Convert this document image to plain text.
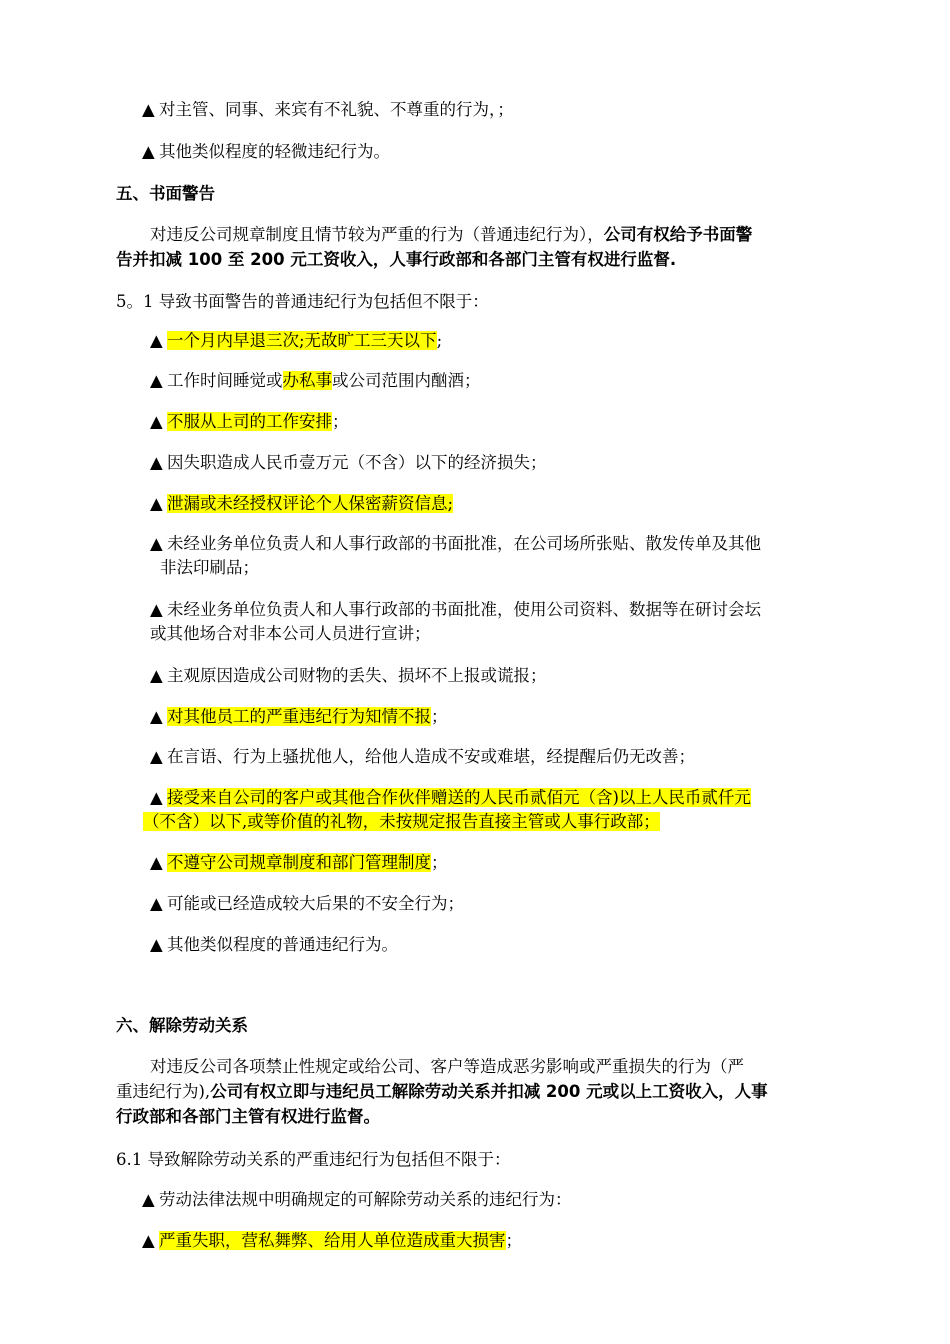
▲ 对主管、同事、来宾有不礼貌、不尊重的行为，；
▲ 其他类似程度的轻微违纪行为。
五、书面警告
对违反公司规章制度且情节较为严重的行为（普通违纪行为），公司有权给予书面警
告并扣减 100 至 200 元工资收入，人事行政部和各部门主管有权进行监督.
5。1 导致书面警告的普通违纪行为包括但不限于：
▲ 一个月内早退三次;无故旷工三天以下;
▲ 工作时间睡觉或办私事或公司范围内酗酒；
▲ 不服从上司的工作安排；
▲ 因失职造成人民币壹万元（不含）以下的经济损失；
▲ 泄漏或未经授权评论个人保密薪资信息;
▲ 未经业务单位负责人和人事行政部的书面批准，在公司场所张贴、散发传单及其他
非法印刷品；
▲ 未经业务单位负责人和人事行政部的书面批准，使用公司资料、数据等在研讨会坛
或其他场合对非本公司人员进行宣讲；
▲ 主观原因造成公司财物的丢失、损坏不上报或谎报；
▲ 对其他员工的严重违纪行为知情不报；
▲ 在言语、行为上骚扰他人，给他人造成不安或难堪，经提醒后仍无改善；
▲ 接受来自公司的客户或其他合作伙伴赠送的人民币贰佰元（含)以上人民币贰仟元
（不含）以下,或等价值的礼物，未按规定报告直接主管或人事行政部；
▲ 不遵守公司规章制度和部门管理制度；
▲ 可能或已经造成较大后果的不安全行为；
▲ 其他类似程度的普通违纪行为。
六、解除劳动关系
对违反公司各项禁止性规定或给公司、客户等造成恶劣影响或严重损失的行为（严
重违纪行为),公司有权立即与违纪员工解除劳动关系并扣减 200 元或以上工资收入，人事
行政部和各部门主管有权进行监督。
6.1 导致解除劳动关系的严重违纪行为包括但不限于：
▲ 劳动法律法规中明确规定的可解除劳动关系的违纪行为：
▲ 严重失职，营私舞弊、给用人单位造成重大损害；
